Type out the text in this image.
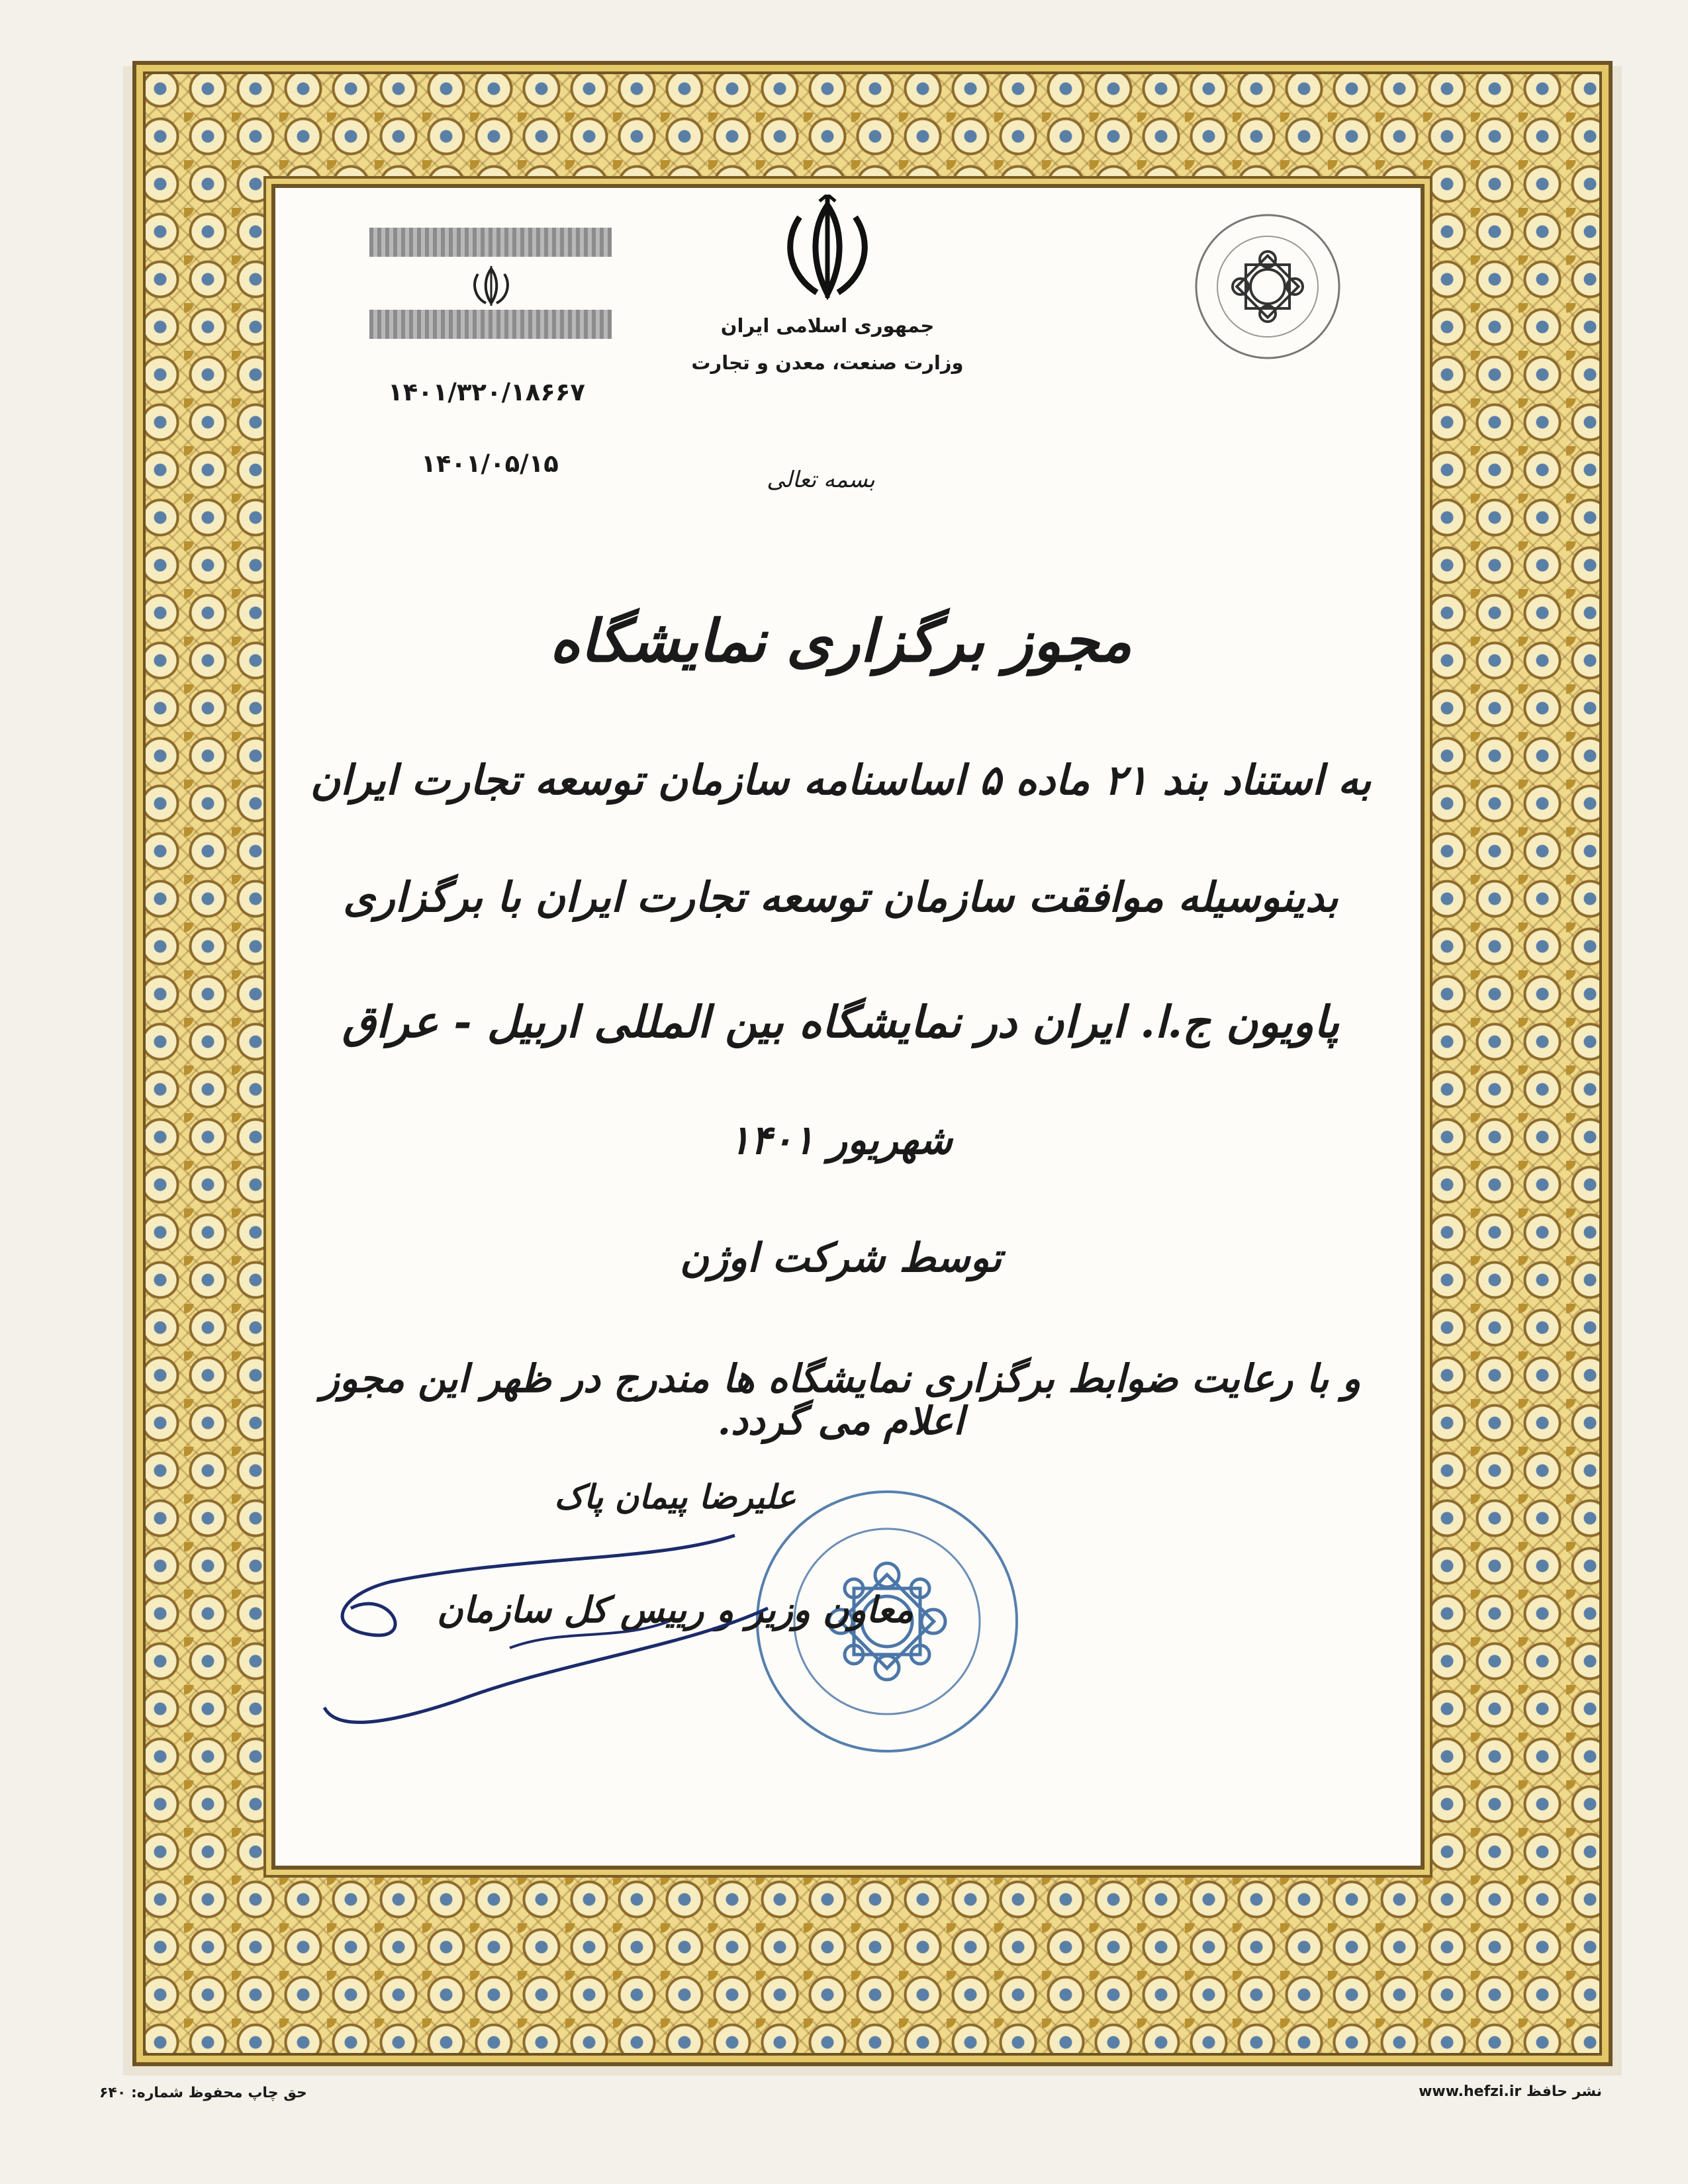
جمهوری اسلامی ایران
وزارت صنعت، معدن و تجارت
۱۴۰۱/۳۲۰/۱۸۶۶۷
۱۴۰۱/۰۵/۱۵
بسمه تعالی
مجوز برگزاری نمایشگاه
به استناد بند ۲۱ ماده ۵ اساسنامه سازمان توسعه تجارت ایران
بدینوسیله موافقت سازمان توسعه تجارت ایران با برگزاری
پاویون ج.ا. ایران در نمایشگاه بین المللی اربیل - عراق
شهریور ۱۴۰۱
توسط شرکت اوژن
و با رعایت ضوابط برگزاری نمایشگاه ها مندرج در ظهر این مجوز اعلام می گردد.
علیرضا پیمان پاک
معاون وزیر و رییس کل سازمان
نشر حافظ www.hefzi.ir
حق چاپ محفوظ شماره: ۶۴۰
